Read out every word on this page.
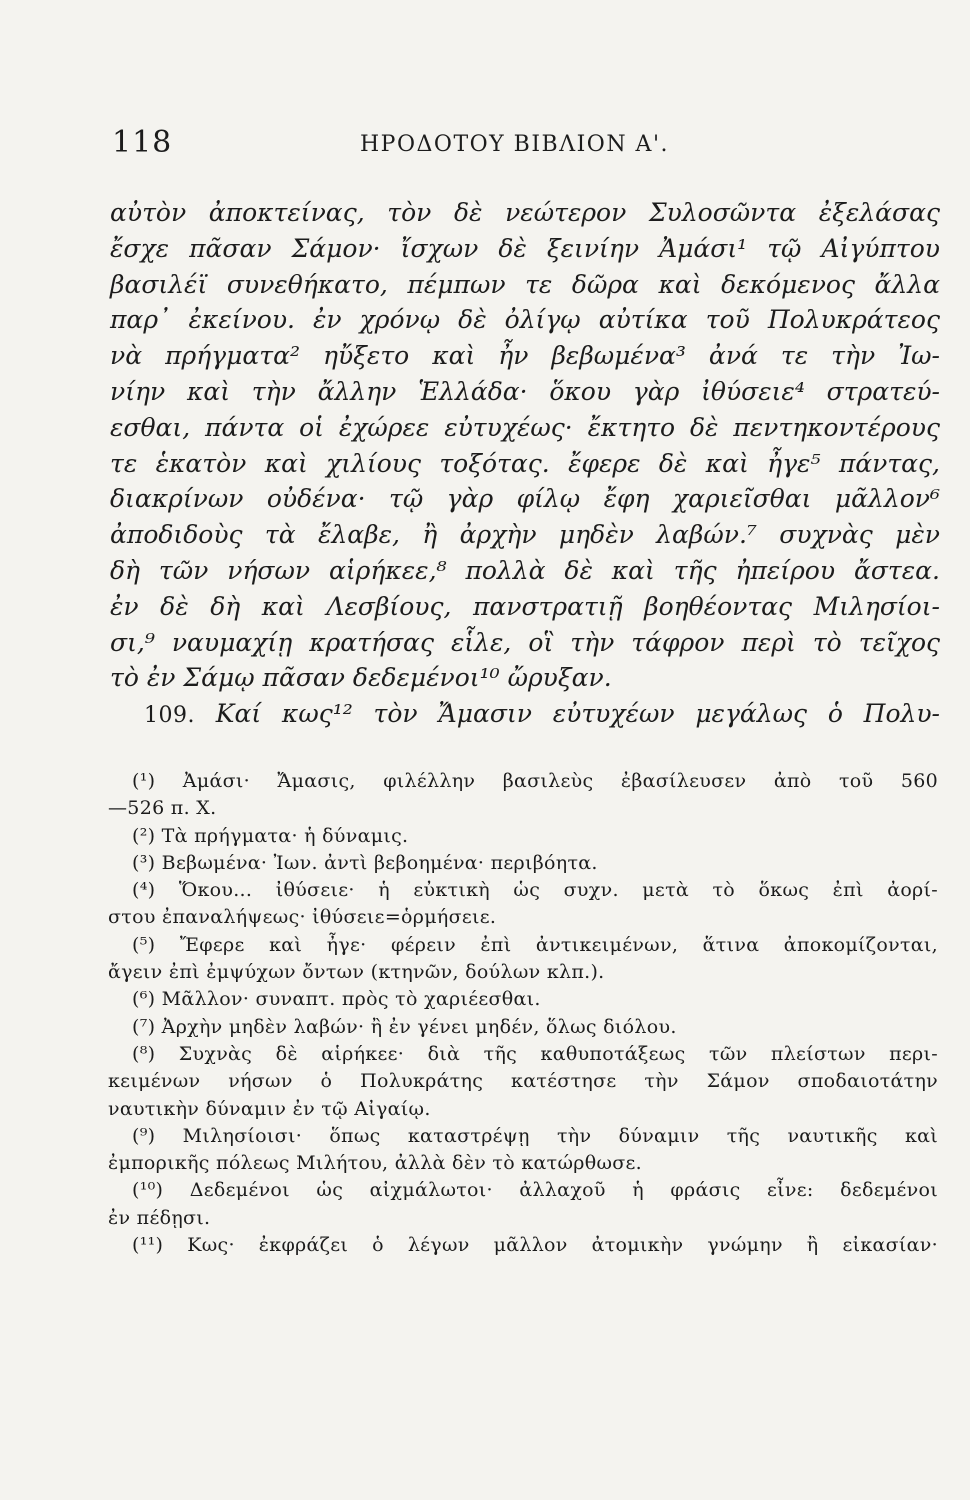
118	ΗΡΟΔΟΤΟΥ ΒΙΒΛΙΟΝ Α'.
αὐτὸν ἀποκτείνας, τὸν δὲ νεώτερον Συλοσῶντα ἐξελάσας
ἔσχε πᾶσαν Σάμον· ἴσχων δὲ ξεινίην Ἀμάσι¹ τῷ Αἰγύπτου
βασιλέϊ συνεθήκατο, πέμπων τε δῶρα καὶ δεκόμενος ἄλλα
παρ᾽ ἐκείνου. ἐν χρόνῳ δὲ ὀλίγῳ αὐτίκα τοῦ Πολυκράτεος
νὰ πρήγματα² ηὔξετο καὶ ἦν βεβωμένα³ ἀνά τε τὴν Ἰω-
νίην καὶ τὴν ἄλλην Ἑλλάδα· ὅκου γὰρ ἰθύσειε⁴ στρατεύ-
εσθαι, πάντα οἱ ἐχώρεε εὐτυχέως· ἔκτητο δὲ πεντηκοντέρους
τε ἑκατὸν καὶ χιλίους τοξότας. ἔφερε δὲ καὶ ἦγε⁵ πάντας,
διακρίνων οὐδένα· τῷ γὰρ φίλῳ ἔφη χαριεῖσθαι μᾶλλον⁶
ἀποδιδοὺς τὰ ἔλαβε, ἢ ἀρχὴν μηδὲν λαβών.⁷ συχνὰς μὲν
δὴ τῶν νήσων αἱρήκεε,⁸ πολλὰ δὲ καὶ τῆς ἠπείρου ἄστεα.
ἐν δὲ δὴ καὶ Λεσβίους, πανστρατιῇ βοηθέοντας Μιλησίοι-
σι,⁹ ναυμαχίῃ κρατήσας εἷλε, οἳ τὴν τάφρον περὶ τὸ τεῖχος
τὸ ἐν Σάμῳ πᾶσαν δεδεμένοι¹⁰ ὤρυξαν.
109. Καί κως¹² τὸν Ἄμασιν εὐτυχέων μεγάλως ὁ Πολυ-
(¹) Ἀμάσι· Ἄμασις, φιλέλλην βασιλεὺς ἐβασίλευσεν ἀπὸ τοῦ 560
—526 π. Χ.
(²) Τὰ πρήγματα· ἡ δύναμις.
(³) Βεβωμένα· Ἰων. ἀντὶ βεβοημένα· περιβόητα.
(⁴) Ὅκου... ἰθύσειε· ἡ εὐκτικὴ ὡς συχν. μετὰ τὸ ὅκως ἐπὶ ἀορί-
στου ἐπαναλήψεως· ἰθύσειε=ὁρμήσειε.
(⁵) Ἔφερε καὶ ἦγε· φέρειν ἐπὶ ἀντικειμένων, ἅτινα ἀποκομίζονται,
ἄγειν ἐπὶ ἐμψύχων ὄντων (κτηνῶν, δούλων κλπ.).
(⁶) Μᾶλλον· συναπτ. πρὸς τὸ χαριέεσθαι.
(⁷) Ἀρχὴν μηδὲν λαβών· ἢ ἐν γένει μηδέν, ὅλως διόλου.
(⁸) Συχνὰς δὲ αἱρήκεε· διὰ τῆς καθυποτάξεως τῶν πλείστων περι-
κειμένων νήσων ὁ Πολυκράτης κατέστησε τὴν Σάμον σποδαιοτάτην
ναυτικὴν δύναμιν ἐν τῷ Αἰγαίῳ.
(⁹) Μιλησίοισι· ὅπως καταστρέψῃ τὴν δύναμιν τῆς ναυτικῆς καὶ
ἐμπορικῆς πόλεως Μιλήτου, ἀλλὰ δὲν τὸ κατώρθωσε.
(¹⁰) Δεδεμένοι ὡς αἰχμάλωτοι· ἀλλαχοῦ ἡ φράσις εἶνε: δεδεμένοι
ἐν πέδῃσι.
(¹¹) Κως· ἐκφράζει ὁ λέγων μᾶλλον ἀτομικὴν γνώμην ἢ εἰκασίαν·
